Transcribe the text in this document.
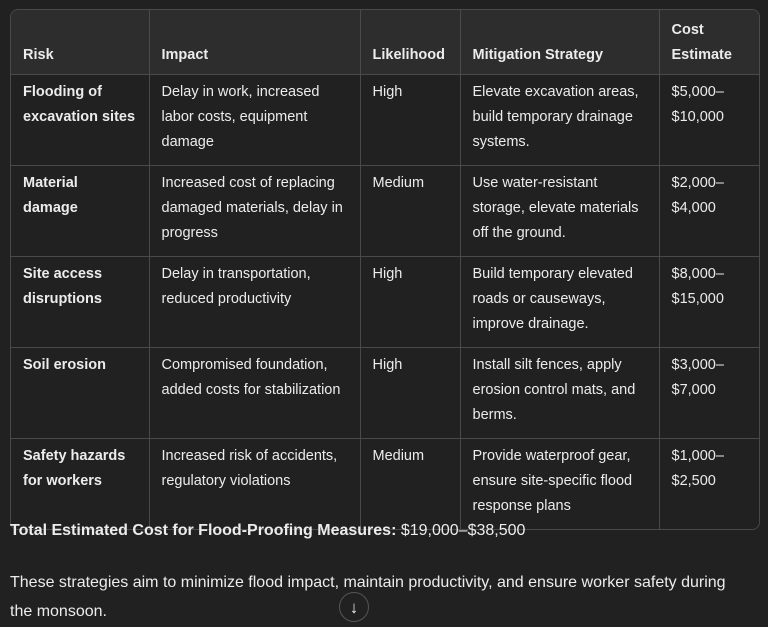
Risk	Impact	Likelihood	Mitigation Strategy	Cost Estimate
Flooding of excavation sites	Delay in work, increased labor costs, equipment damage	High	Elevate excavation areas, build temporary drainage systems.	$5,000–$10,000
Material damage	Increased cost of replacing damaged materials, delay in progress	Medium	Use water-resistant storage, elevate materials off the ground.	$2,000–$4,000
Site access disruptions	Delay in transportation, reduced productivity	High	Build temporary elevated roads or causeways, improve drainage.	$8,000–$15,000
Soil erosion	Compromised foundation, added costs for stabilization	High	Install silt fences, apply erosion control mats, and berms.	$3,000–$7,000
Safety hazards for workers	Increased risk of accidents, regulatory violations	Medium	Provide waterproof gear, ensure site-specific flood response plans	$1,000–$2,500
Total Estimated Cost for Flood-Proofing Measures: $19,000–$38,500
These strategies aim to minimize flood impact, maintain productivity, and ensure worker safety during the monsoon.	↓
